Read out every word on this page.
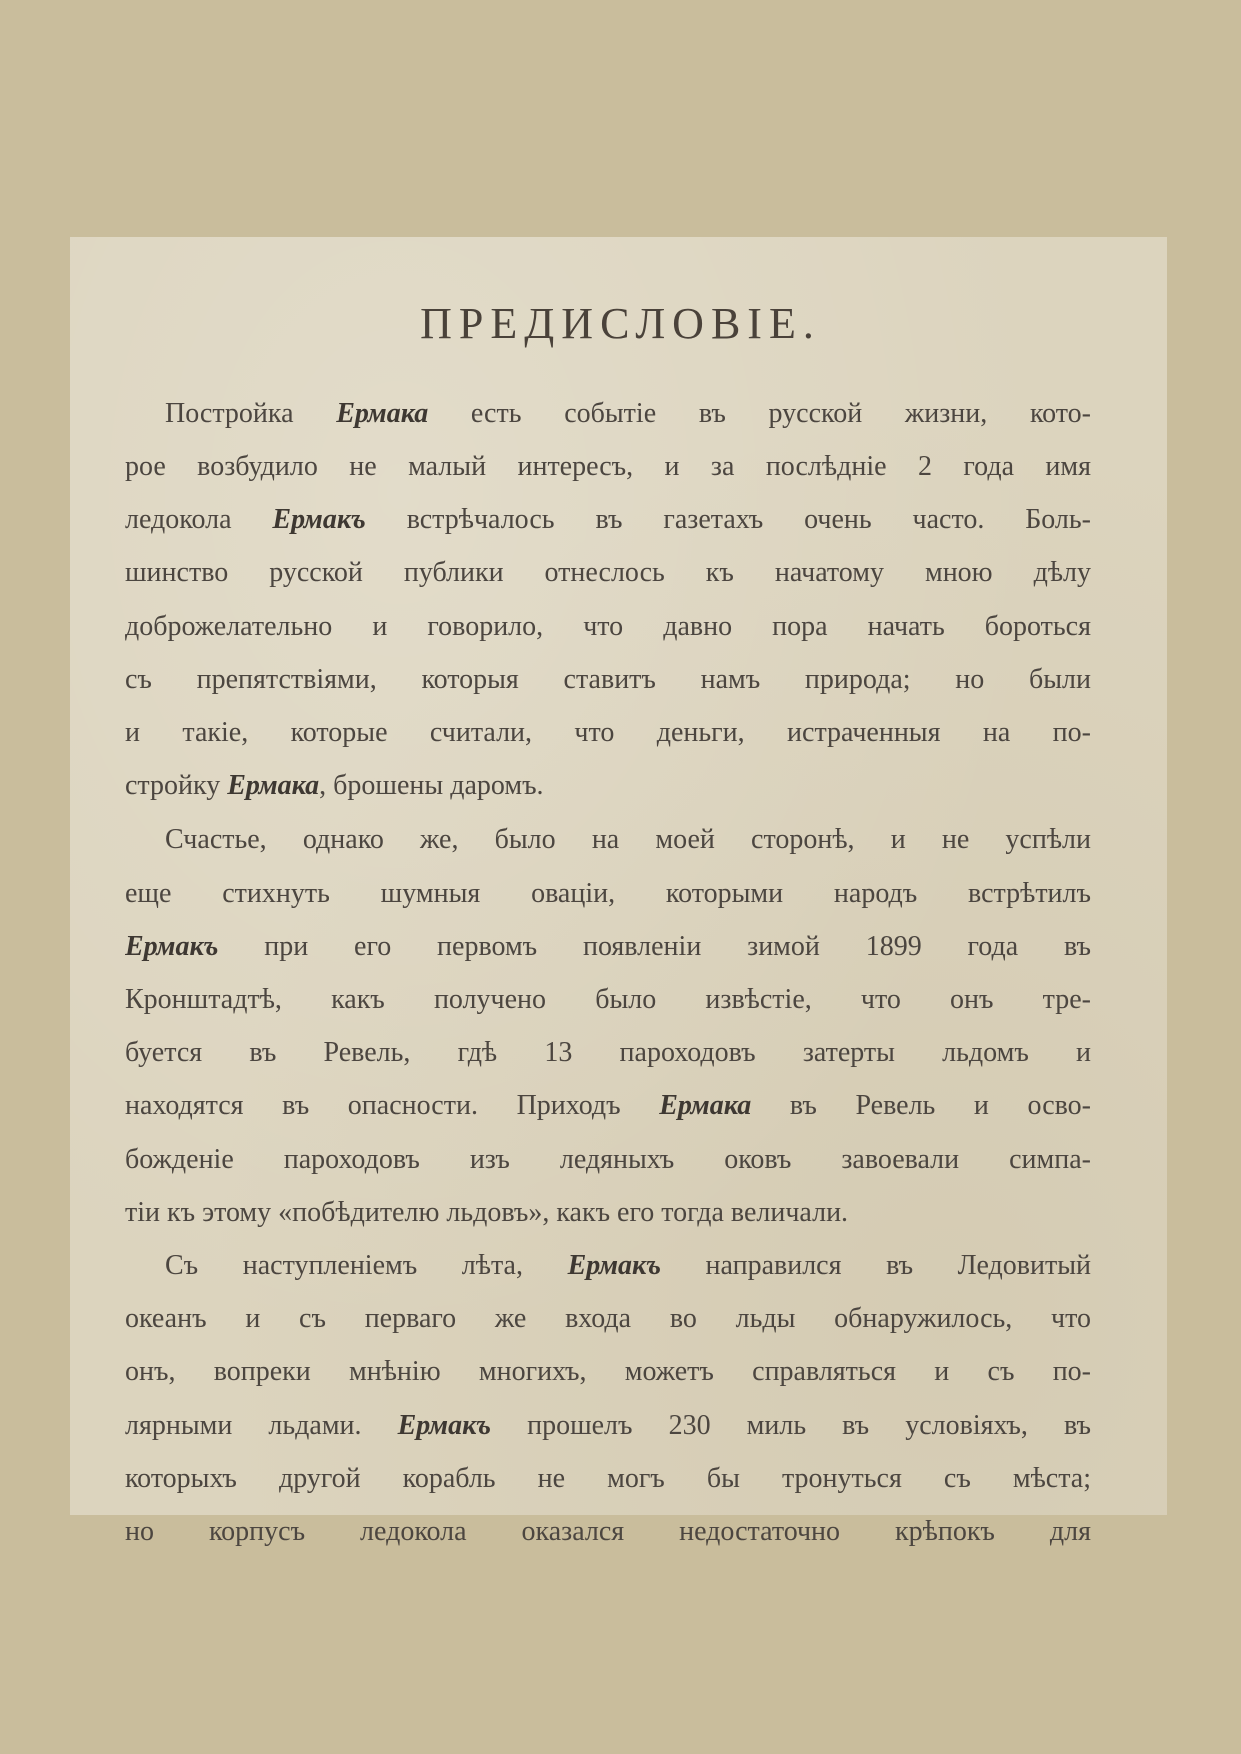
ПРЕДИСЛОВІЕ.
Постройка Ермака есть событіе въ русской жизни, кото-
рое возбудило не малый интересъ, и за послѣдніе 2 года имя
ледокола Ермакъ встрѣчалось въ газетахъ очень часто. Боль-
шинство русской публики отнеслось къ начатому мною дѣлу
доброжелательно и говорило, что давно пора начать бороться
съ препятствіями, которыя ставитъ намъ природа; но были
и такіе, которые считали, что деньги, истраченныя на по-
стройку Ермака, брошены даромъ.
Счастье, однако же, было на моей сторонѣ, и не успѣли
еще стихнуть шумныя оваціи, которыми народъ встрѣтилъ
Ермакъ при его первомъ появленіи зимой 1899 года въ
Кронштадтѣ, какъ получено было извѣстіе, что онъ тре-
буется въ Ревель, гдѣ 13 пароходовъ затерты льдомъ и
находятся въ опасности. Приходъ Ермака въ Ревель и осво-
божденіе пароходовъ изъ ледяныхъ оковъ завоевали симпа-
тіи къ этому «побѣдителю льдовъ», какъ его тогда величали.
Съ наступленіемъ лѣта, Ермакъ направился въ Ледовитый
океанъ и съ перваго же входа во льды обнаружилось, что
онъ, вопреки мнѣнію многихъ, можетъ справляться и съ по-
лярными льдами. Ермакъ прошелъ 230 миль въ условіяхъ, въ
которыхъ другой корабль не могъ бы тронуться съ мѣста;
но корпусъ ледокола оказался недостаточно крѣпокъ для
